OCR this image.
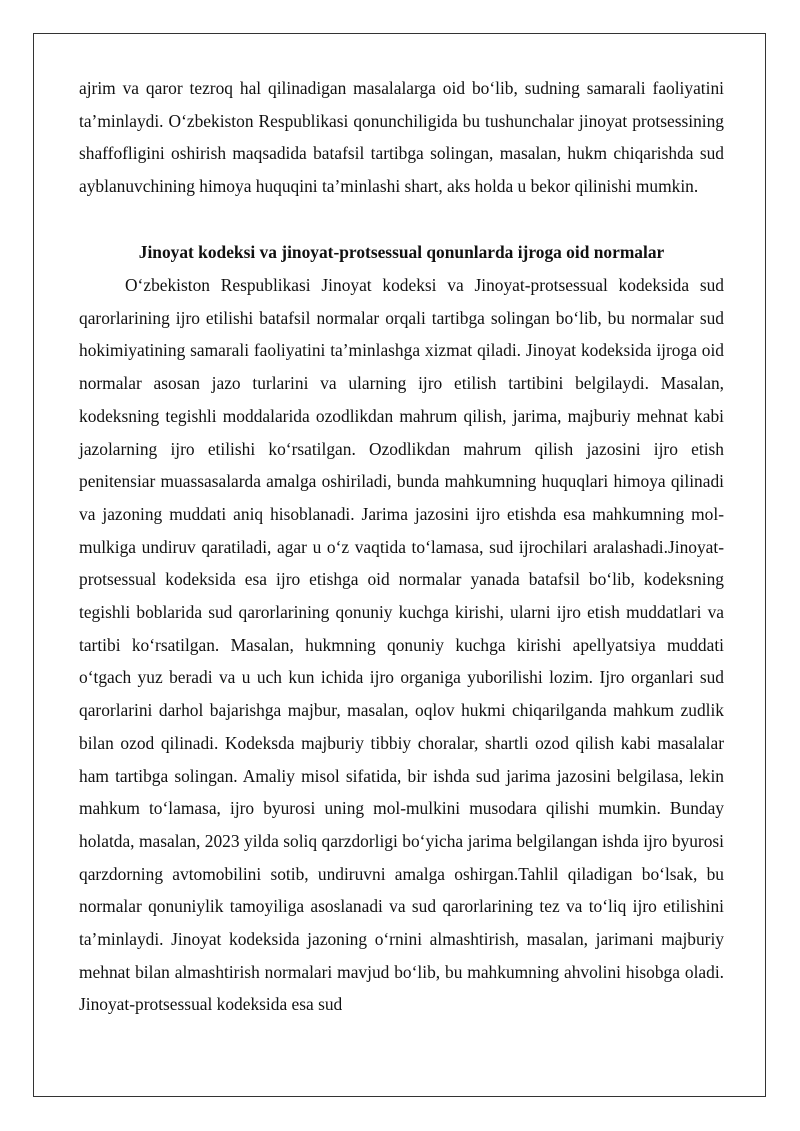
ajrim va qaror tezroq hal qilinadigan masalalarga oid bo‘lib, sudning samarali faoliyatini ta’minlaydi. O‘zbekiston Respublikasi qonunchiligida bu tushunchalar jinoyat protsessining shaffofligini oshirish maqsadida batafsil tartibga solingan, masalan, hukm chiqarishda sud ayblanuvchining himoya huquqini ta’minlashi shart, aks holda u bekor qilinishi mumkin.

Jinoyat kodeksi va jinoyat-protsessual qonunlarda ijroga oid normalar

O‘zbekiston Respublikasi Jinoyat kodeksi va Jinoyat-protsessual kodeksida sud qarorlarining ijro etilishi batafsil normalar orqali tartibga solingan bo‘lib, bu normalar sud hokimiyatining samarali faoliyatini ta’minlashga xizmat qiladi. Jinoyat kodeksida ijroga oid normalar asosan jazo turlarini va ularning ijro etilish tartibini belgilaydi. Masalan, kodeksning tegishli moddalarida ozodlikdan mahrum qilish, jarima, majburiy mehnat kabi jazolarning ijro etilishi ko‘rsatilgan. Ozodlikdan mahrum qilish jazosini ijro etish penitensiar muassasalarda amalga oshiriladi, bunda mahkumning huquqlari himoya qilinadi va jazoning muddati aniq hisoblanadi. Jarima jazosini ijro etishda esa mahkumning mol-mulkiga undiruv qaratiladi, agar u o‘z vaqtida to‘lamasa, sud ijrochilari aralashadi.Jinoyat-protsessual kodeksida esa ijro etishga oid normalar yanada batafsil bo‘lib, kodeksning tegishli boblarida sud qarorlarining qonuniy kuchga kirishi, ularni ijro etish muddatlari va tartibi ko‘rsatilgan. Masalan, hukmning qonuniy kuchga kirishi apellyatsiya muddati o‘tgach yuz beradi va u uch kun ichida ijro organiga yuborilishi lozim. Ijro organlari sud qarorlarini darhol bajarishga majbur, masalan, oqlov hukmi chiqarilganda mahkum zudlik bilan ozod qilinadi. Kodeksda majburiy tibbiy choralar, shartli ozod qilish kabi masalalar ham tartibga solingan. Amaliy misol sifatida, bir ishda sud jarima jazosini belgilasa, lekin mahkum to‘lamasa, ijro byurosi uning mol-mulkini musodara qilishi mumkin. Bunday holatda, masalan, 2023 yilda soliq qarzdorligi bo‘yicha jarima belgilangan ishda ijro byurosi qarzdorning avtomobilini sotib, undiruvni amalga oshirgan.Tahlil qiladigan bo‘lsak, bu normalar qonuniylik tamoyiliga asoslanadi va sud qarorlarining tez va to‘liq ijro etilishini ta’minlaydi. Jinoyat kodeksida jazoning o‘rnini almashtirish, masalan, jarimani majburiy mehnat bilan almashtirish normalari mavjud bo‘lib, bu mahkumning ahvolini hisobga oladi. Jinoyat-protsessual kodeksida esa sud
